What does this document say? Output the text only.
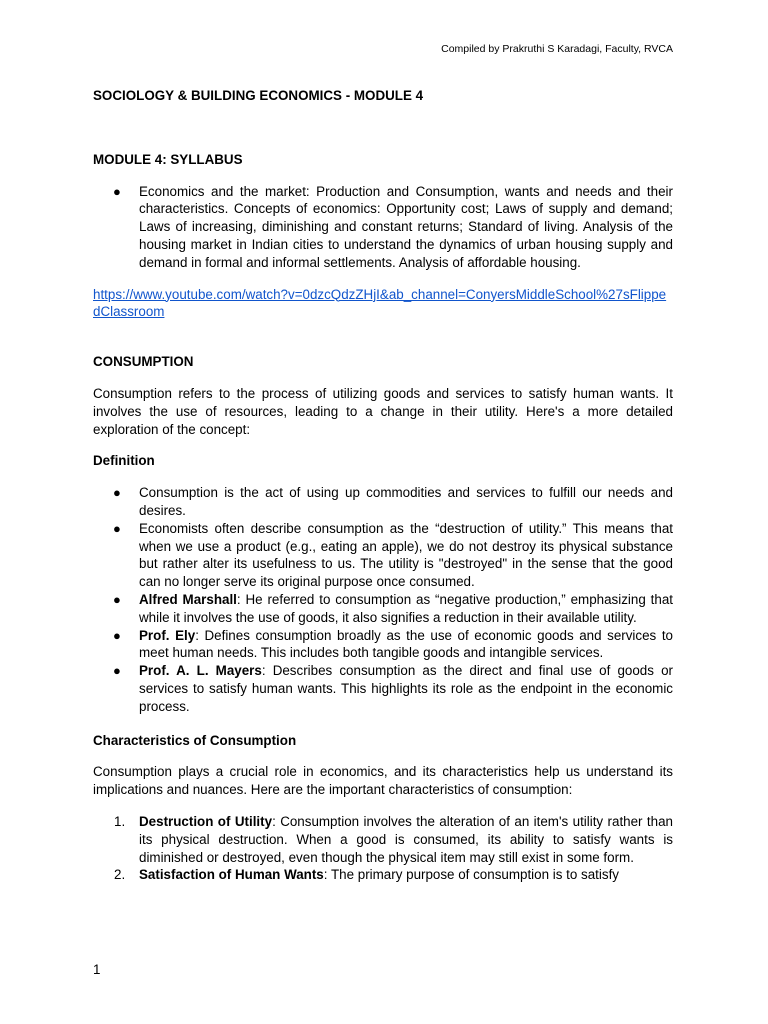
Compiled by Prakruthi S Karadagi, Faculty, RVCA

SOCIOLOGY & BUILDING ECONOMICS - MODULE 4

MODULE 4: SYLLABUS

● Economics and the market: Production and Consumption, wants and needs and their characteristics. Concepts of economics: Opportunity cost; Laws of supply and demand; Laws of increasing, diminishing and constant returns; Standard of living. Analysis of the housing market in Indian cities to understand the dynamics of urban housing supply and demand in formal and informal settlements. Analysis of affordable housing.
https://www.youtube.com/watch?v=0dzcQdzZHjI&ab_channel=ConyersMiddleSchool%27sFlippedClassroom

CONSUMPTION

Consumption refers to the process of utilizing goods and services to satisfy human wants. It involves the use of resources, leading to a change in their utility. Here's a more detailed exploration of the concept:

Definition

● Consumption is the act of using up commodities and services to fulfill our needs and desires.
● Economists often describe consumption as the “destruction of utility.” This means that when we use a product (e.g., eating an apple), we do not destroy its physical substance but rather alter its usefulness to us. The utility is "destroyed" in the sense that the good can no longer serve its original purpose once consumed.
● Alfred Marshall: He referred to consumption as “negative production,” emphasizing that while it involves the use of goods, it also signifies a reduction in their available utility.
● Prof. Ely: Defines consumption broadly as the use of economic goods and services to meet human needs. This includes both tangible goods and intangible services.
● Prof. A. L. Mayers: Describes consumption as the direct and final use of goods or services to satisfy human wants. This highlights its role as the endpoint in the economic process.

Characteristics of Consumption

Consumption plays a crucial role in economics, and its characteristics help us understand its implications and nuances. Here are the important characteristics of consumption:

1. Destruction of Utility: Consumption involves the alteration of an item's utility rather than its physical destruction. When a good is consumed, its ability to satisfy wants is diminished or destroyed, even though the physical item may still exist in some form.
2. Satisfaction of Human Wants: The primary purpose of consumption is to satisfy
1
